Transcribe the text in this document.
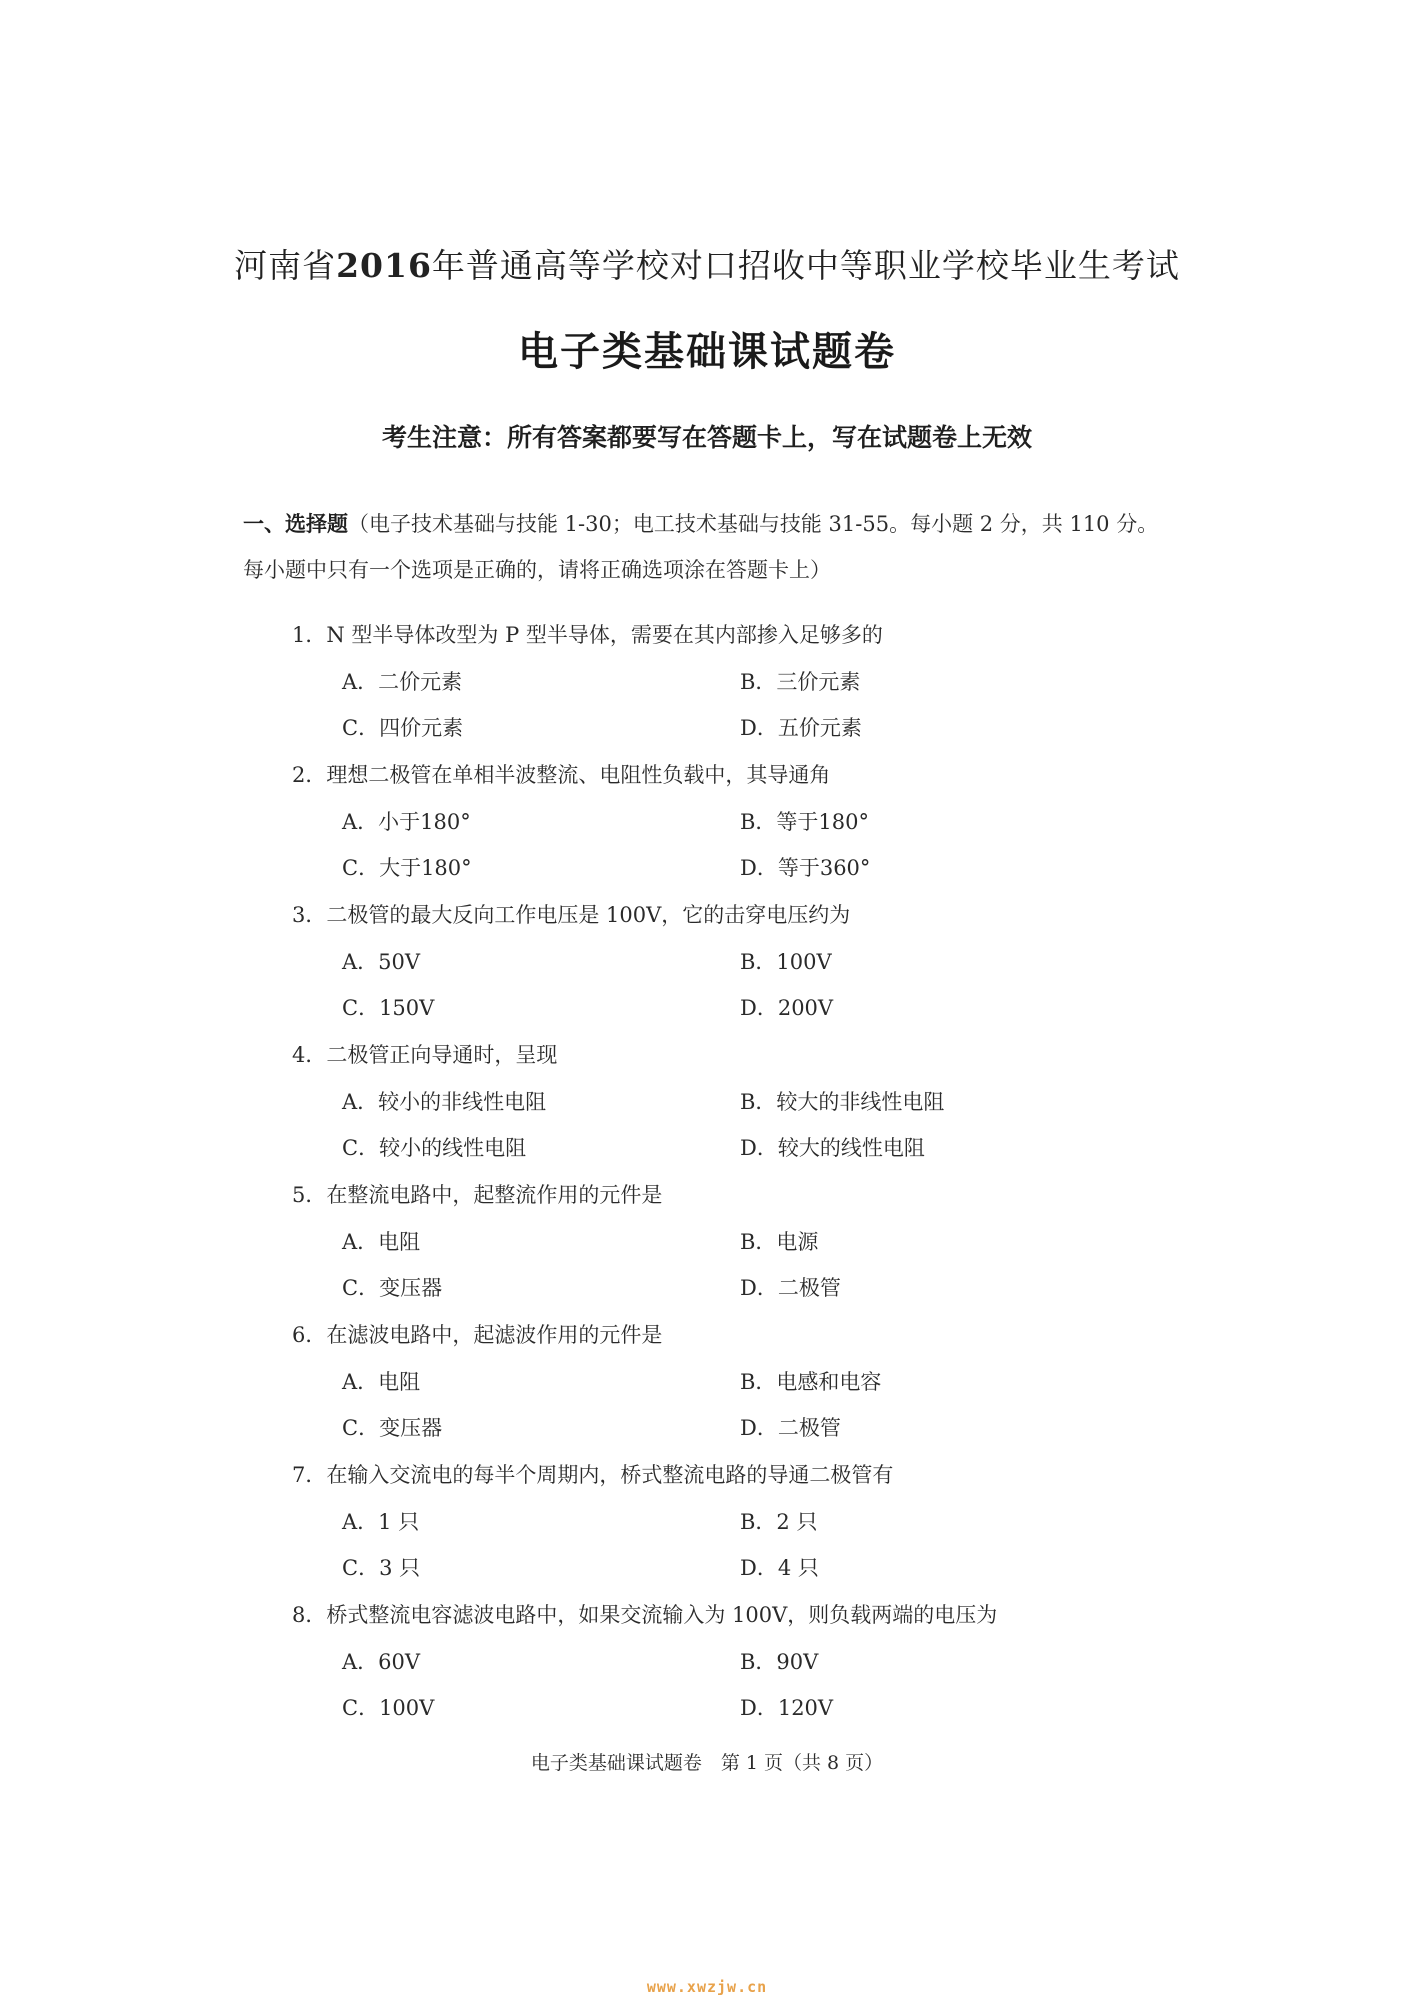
河南省2016年普通高等学校对口招收中等职业学校毕业生考试
电子类基础课试题卷
考生注意：所有答案都要写在答题卡上，写在试题卷上无效
一、选择题（电子技术基础与技能 1-30；电工技术基础与技能 31-55。每小题 2 分，共 110 分。每小题中只有一个选项是正确的，请将正确选项涂在答题卡上）
1．N 型半导体改型为 P 型半导体，需要在其内部掺入足够多的
A．二价元素	B．三价元素
C．四价元素	D．五价元素
2．理想二极管在单相半波整流、电阻性负载中，其导通角
A．小于180°	B．等于180°
C．大于180°	D．等于360°
3．二极管的最大反向工作电压是 100V，它的击穿电压约为
A．50V	B．100V
C．150V	D．200V
4．二极管正向导通时，呈现
A．较小的非线性电阻	B．较大的非线性电阻
C．较小的线性电阻	D．较大的线性电阻
5．在整流电路中，起整流作用的元件是
A．电阻	B．电源
C．变压器	D．二极管
6．在滤波电路中，起滤波作用的元件是
A．电阻	B．电感和电容
C．变压器	D．二极管
7．在输入交流电的每半个周期内，桥式整流电路的导通二极管有
A．1 只	B．2 只
C．3 只	D．4 只
8．桥式整流电容滤波电路中，如果交流输入为 100V，则负载两端的电压为
A．60V	B．90V
C．100V	D．120V
电子类基础课试题卷　第 1 页（共 8 页）
www.xwzjw.cn
